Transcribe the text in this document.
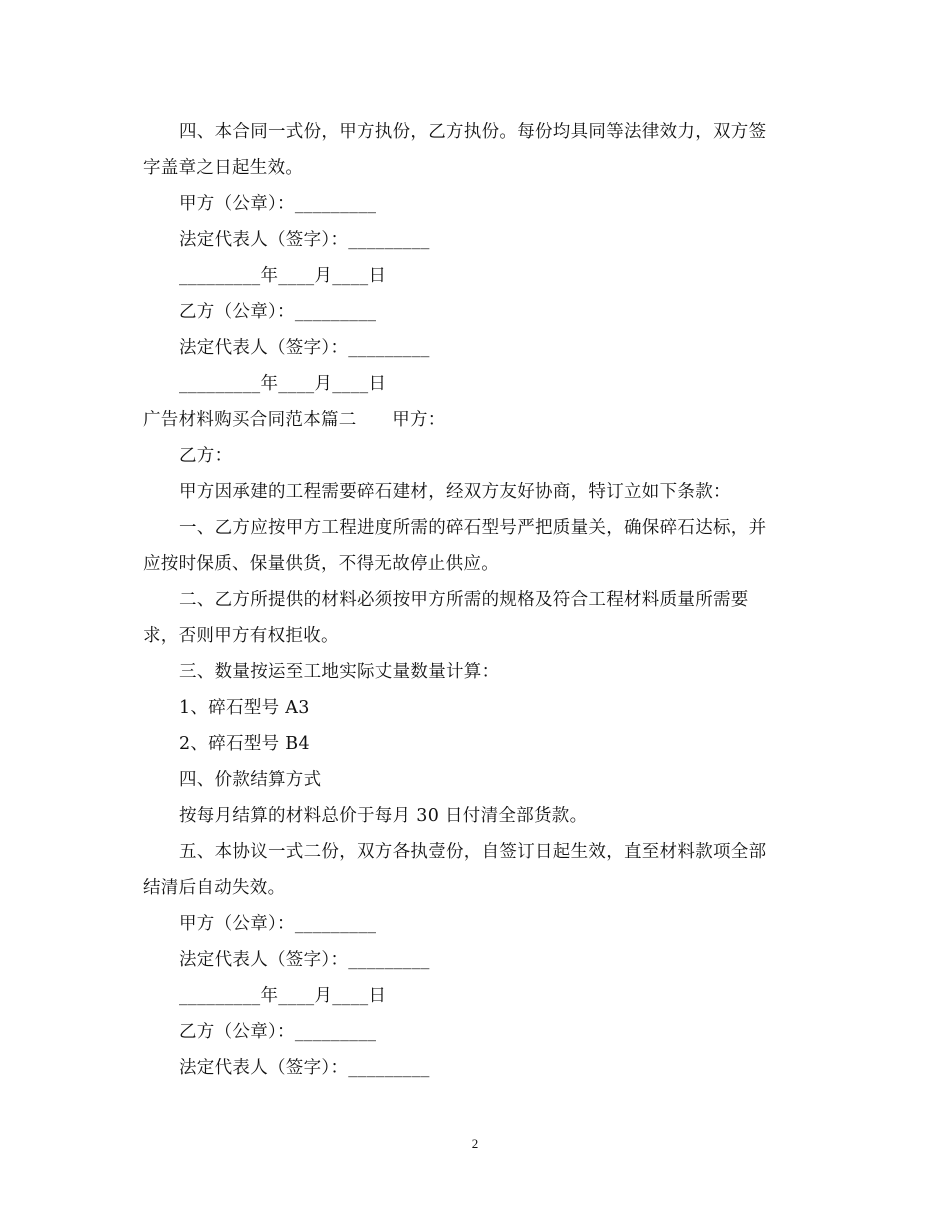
四、本合同一式份，甲方执份，乙方执份。每份均具同等法律效力，双方签
字盖章之日起生效。
甲方（公章）：_________
法定代表人（签字）：_________
_________年____月____日
乙方（公章）：_________
法定代表人（签字）：_________
_________年____月____日
广告材料购买合同范本篇二　　甲方：
乙方：
甲方因承建的工程需要碎石建材，经双方友好协商，特订立如下条款：
一、乙方应按甲方工程进度所需的碎石型号严把质量关，确保碎石达标，并
应按时保质、保量供货，不得无故停止供应。
二、乙方所提供的材料必须按甲方所需的规格及符合工程材料质量所需要
求，否则甲方有权拒收。
三、数量按运至工地实际丈量数量计算：
1、碎石型号 A3
2、碎石型号 B4
四、价款结算方式
按每月结算的材料总价于每月 30 日付清全部货款。
五、本协议一式二份，双方各执壹份，自签订日起生效，直至材料款项全部
结清后自动失效。
甲方（公章）：_________
法定代表人（签字）：_________
_________年____月____日
乙方（公章）：_________
法定代表人（签字）：_________
2
